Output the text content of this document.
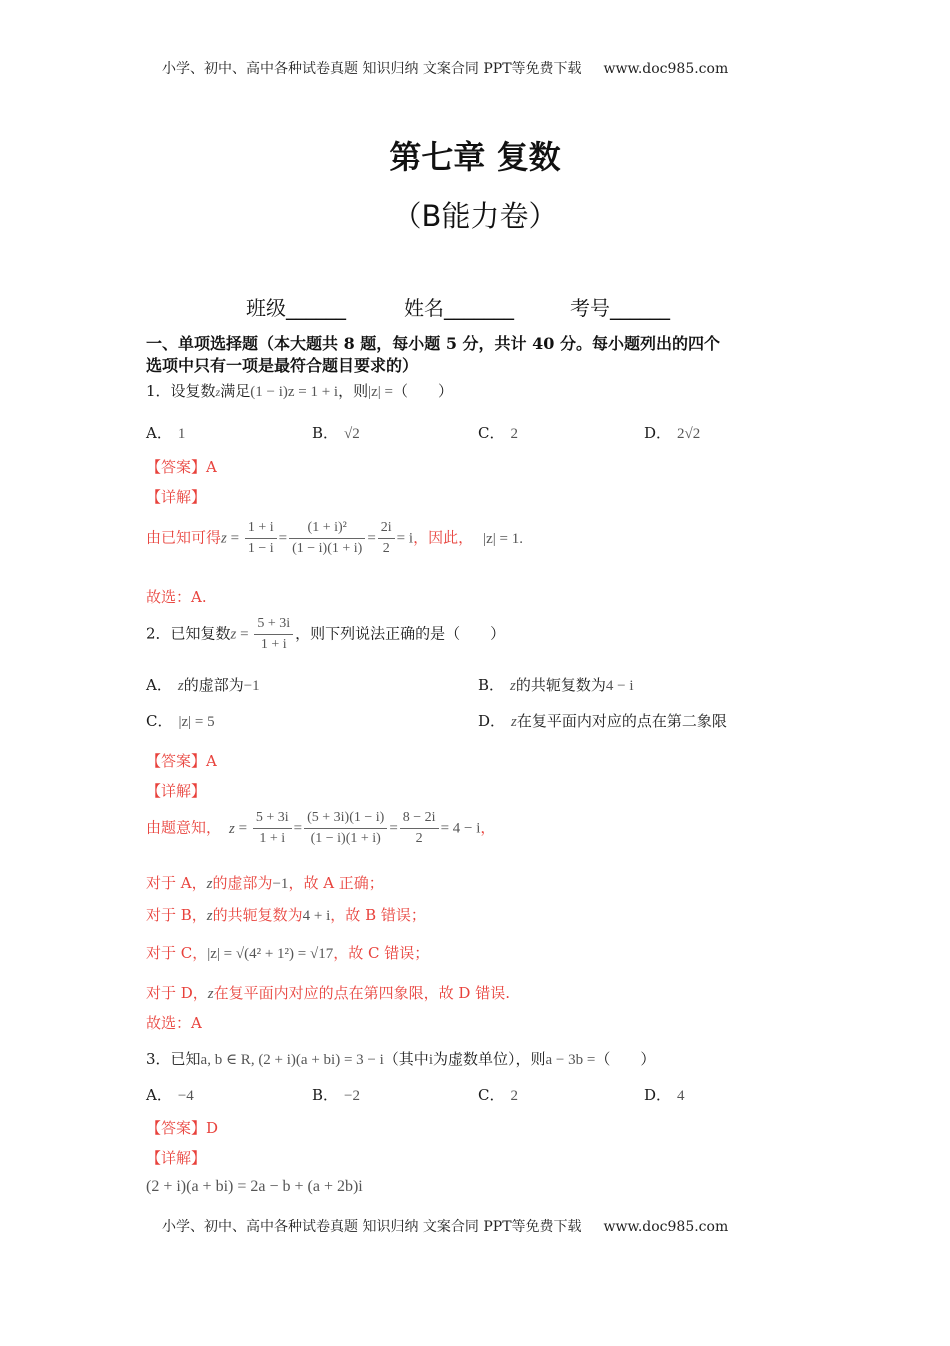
小学、初中、高中各种试卷真题 知识归纳 文案合同 PPT等免费下载 www.doc985.com
第七章 复数
（B能力卷）
班级______	姓名_______	考号______
一、单项选择题（本大题共 8 题，每小题 5 分，共计 40 分。每小题列出的四个
选项中只有一项是最符合题目要求的）
1．设复数z满足(1 − i)z = 1 + i，则|z| =（　　）
A． 1	B． √2	C． 2	D． 2√2
【答案】A
【详解】
由已知可得$z = \frac{1 + i}{1 - i} = \frac{\text{(1 + i)²}}{(1 - i)(1 + i)} = \frac{2i}{2} = i$，因此， |z| = 1.
故选：A.
2．已知复数$z = \frac{5 + 3i}{1 + i}$ ，则下列说法正确的是（　　）
A． z的虚部为−1	B． z的共轭复数为4 − i
C． |z| = 5	D． z在复平面内对应的点在第二象限
【答案】A
【详解】
由题意知， $z = \frac{5 + 3i}{1 + i} = \frac{(5 + 3i)(1 - i)}{(1 - i)(1 + i)} = \frac{8 - 2i}{2} = 4 - i$，
对于 A，z的虚部为−1，故 A 正确；
对于 B，z的共轭复数为4 + i，故 B 错误；
对于 C，|z| = √(4² + 1²) = √17，故 C 错误；
对于 D，z在复平面内对应的点在第四象限，故 D 错误.
故选：A
3．已知a, b ∈ R, (2 + i)(a + bi) = 3 − i（其中i为虚数单位），则a − 3b =（　　）
A． −4	B． −2	C． 2	D． 4
【答案】D
【详解】
(2 + i)(a + bi) = 2a − b + (a + 2b)i
小学、初中、高中各种试卷真题 知识归纳 文案合同 PPT等免费下载 www.doc985.com
